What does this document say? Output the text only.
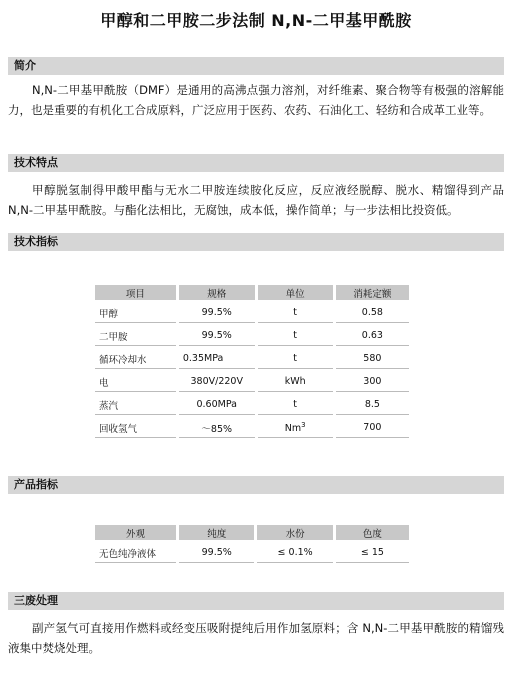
甲醇和二甲胺二步法制 N,N-二甲基甲酰胺
简介
N,N-二甲基甲酰胺（DMF）是通用的高沸点强力溶剂，对纤维素、聚合物等有极强的溶解能力，也是重要的有机化工合成原料，广泛应用于医药、农药、石油化工、轻纺和合成革工业等。
技术特点
甲醇脱氢制得甲酸甲酯与无水二甲胺连续胺化反应，反应液经脱醇、脱水、精馏得到产品N,N-二甲基甲酰胺。与酯化法相比，无腐蚀，成本低，操作简单；与一步法相比投资低。
技术指标
项目	规格	单位	消耗定额
甲醇	99.5%	t	0.58
二甲胺	99.5%	t	0.63
循环冷却水	0.35MPa	t	580
电	380V/220V	kWh	300
蒸汽	0.60MPa	t	8.5
回收氢气	～85%	Nm$^3$	700
产品指标
外观	纯度	水份	色度
无色纯净液体	99.5%	≤ 0.1%	≤ 15
三废处理
副产氢气可直接用作燃料或经变压吸附提纯后用作加氢原料；含 N,N-二甲基甲酰胺的精馏残液集中焚烧处理。
